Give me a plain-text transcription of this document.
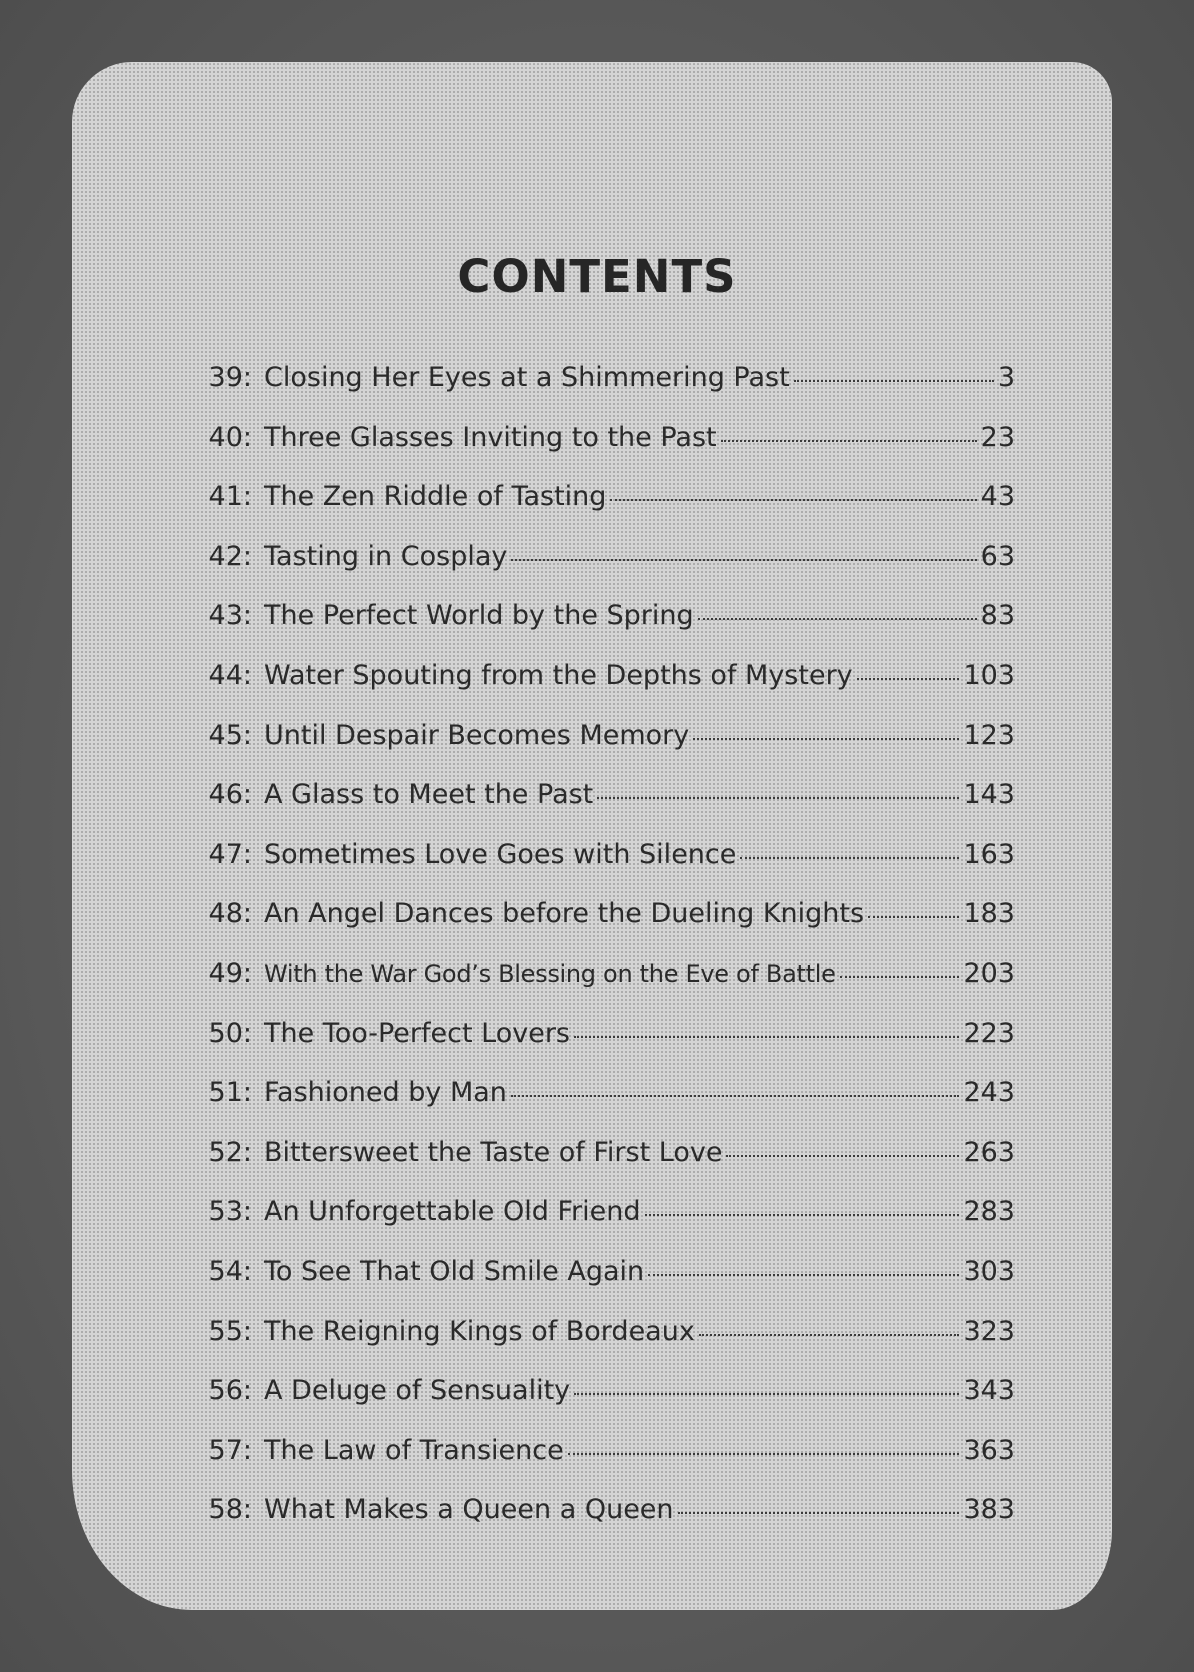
CONTENTS
39: Closing Her Eyes at a Shimmering Past	3
40: Three Glasses Inviting to the Past	23
41: The Zen Riddle of Tasting	43
42: Tasting in Cosplay	63
43: The Perfect World by the Spring	83
44: Water Spouting from the Depths of Mystery	103
45: Until Despair Becomes Memory	123
46: A Glass to Meet the Past	143
47: Sometimes Love Goes with Silence	163
48: An Angel Dances before the Dueling Knights	183
49: With the War God’s Blessing on the Eve of Battle	203
50: The Too-Perfect Lovers	223
51: Fashioned by Man	243
52: Bittersweet the Taste of First Love	263
53: An Unforgettable Old Friend	283
54: To See That Old Smile Again	303
55: The Reigning Kings of Bordeaux	323
56: A Deluge of Sensuality	343
57: The Law of Transience	363
58: What Makes a Queen a Queen	383
